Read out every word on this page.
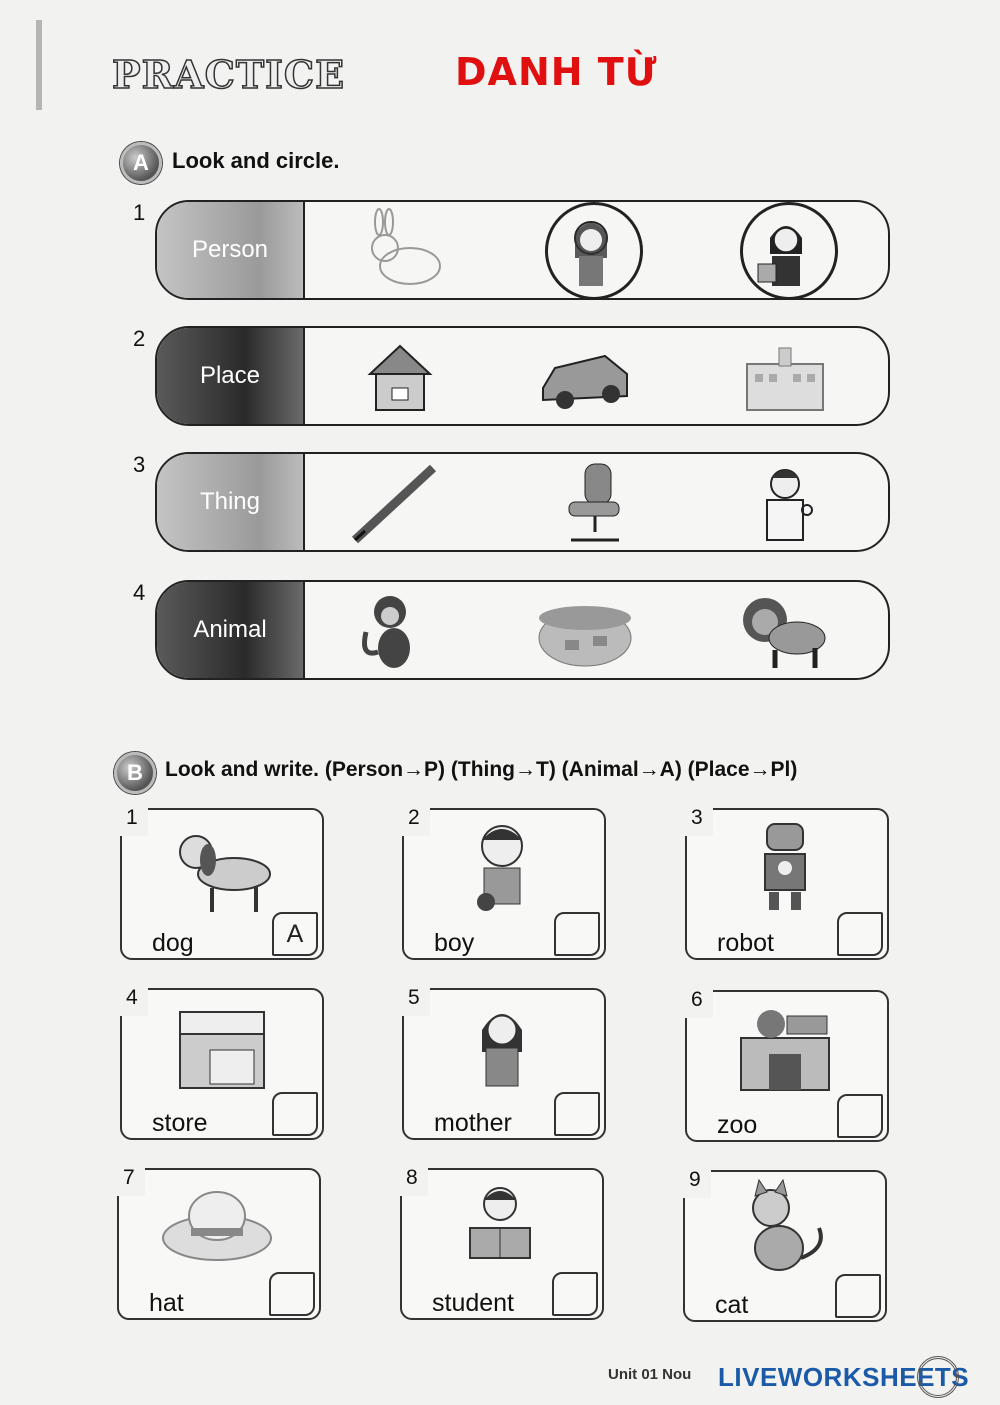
PRACTICE	DANH TỪ
A	Look and circle.
1
Person
2
Place
3
Thing
4
Animal
B	Look and write. (Person→P) (Thing→T) (Animal→A) (Place→Pl)
1
dog	A
2
boy
3
robot
4
store
5
mother
6
zoo
7
hat
8
student
9
cat
Unit 01 Nou LIVEWORKSHEETS
